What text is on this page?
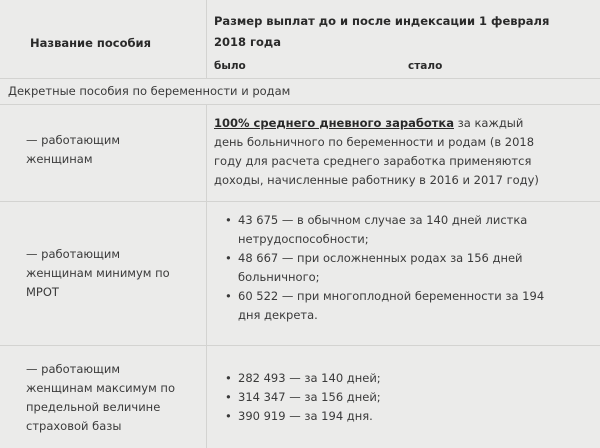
Название пособия
Размер выплат до и после индексации 1 февраля
2018 года
было	стало
Декретные пособия по беременности и родам
— работающим
женщинам
100% среднего дневного заработка за каждый
день больничного по беременности и родам (в 2018
году для расчета среднего заработка применяются
доходы, начисленные работнику в 2016 и 2017 году)
— работающим
женщинам минимум по
МРОТ
• 43 675 — в обычном случае за 140 дней листка
нетрудоспособности;
• 48 667 — при осложненных родах за 156 дней
больничного;
• 60 522 — при многоплодной беременности за 194
дня декрета.
— работающим
женщинам максимум по
предельной величине
страховой базы
• 282 493 — за 140 дней;
• 314 347 — за 156 дней;
• 390 919 — за 194 дня.
